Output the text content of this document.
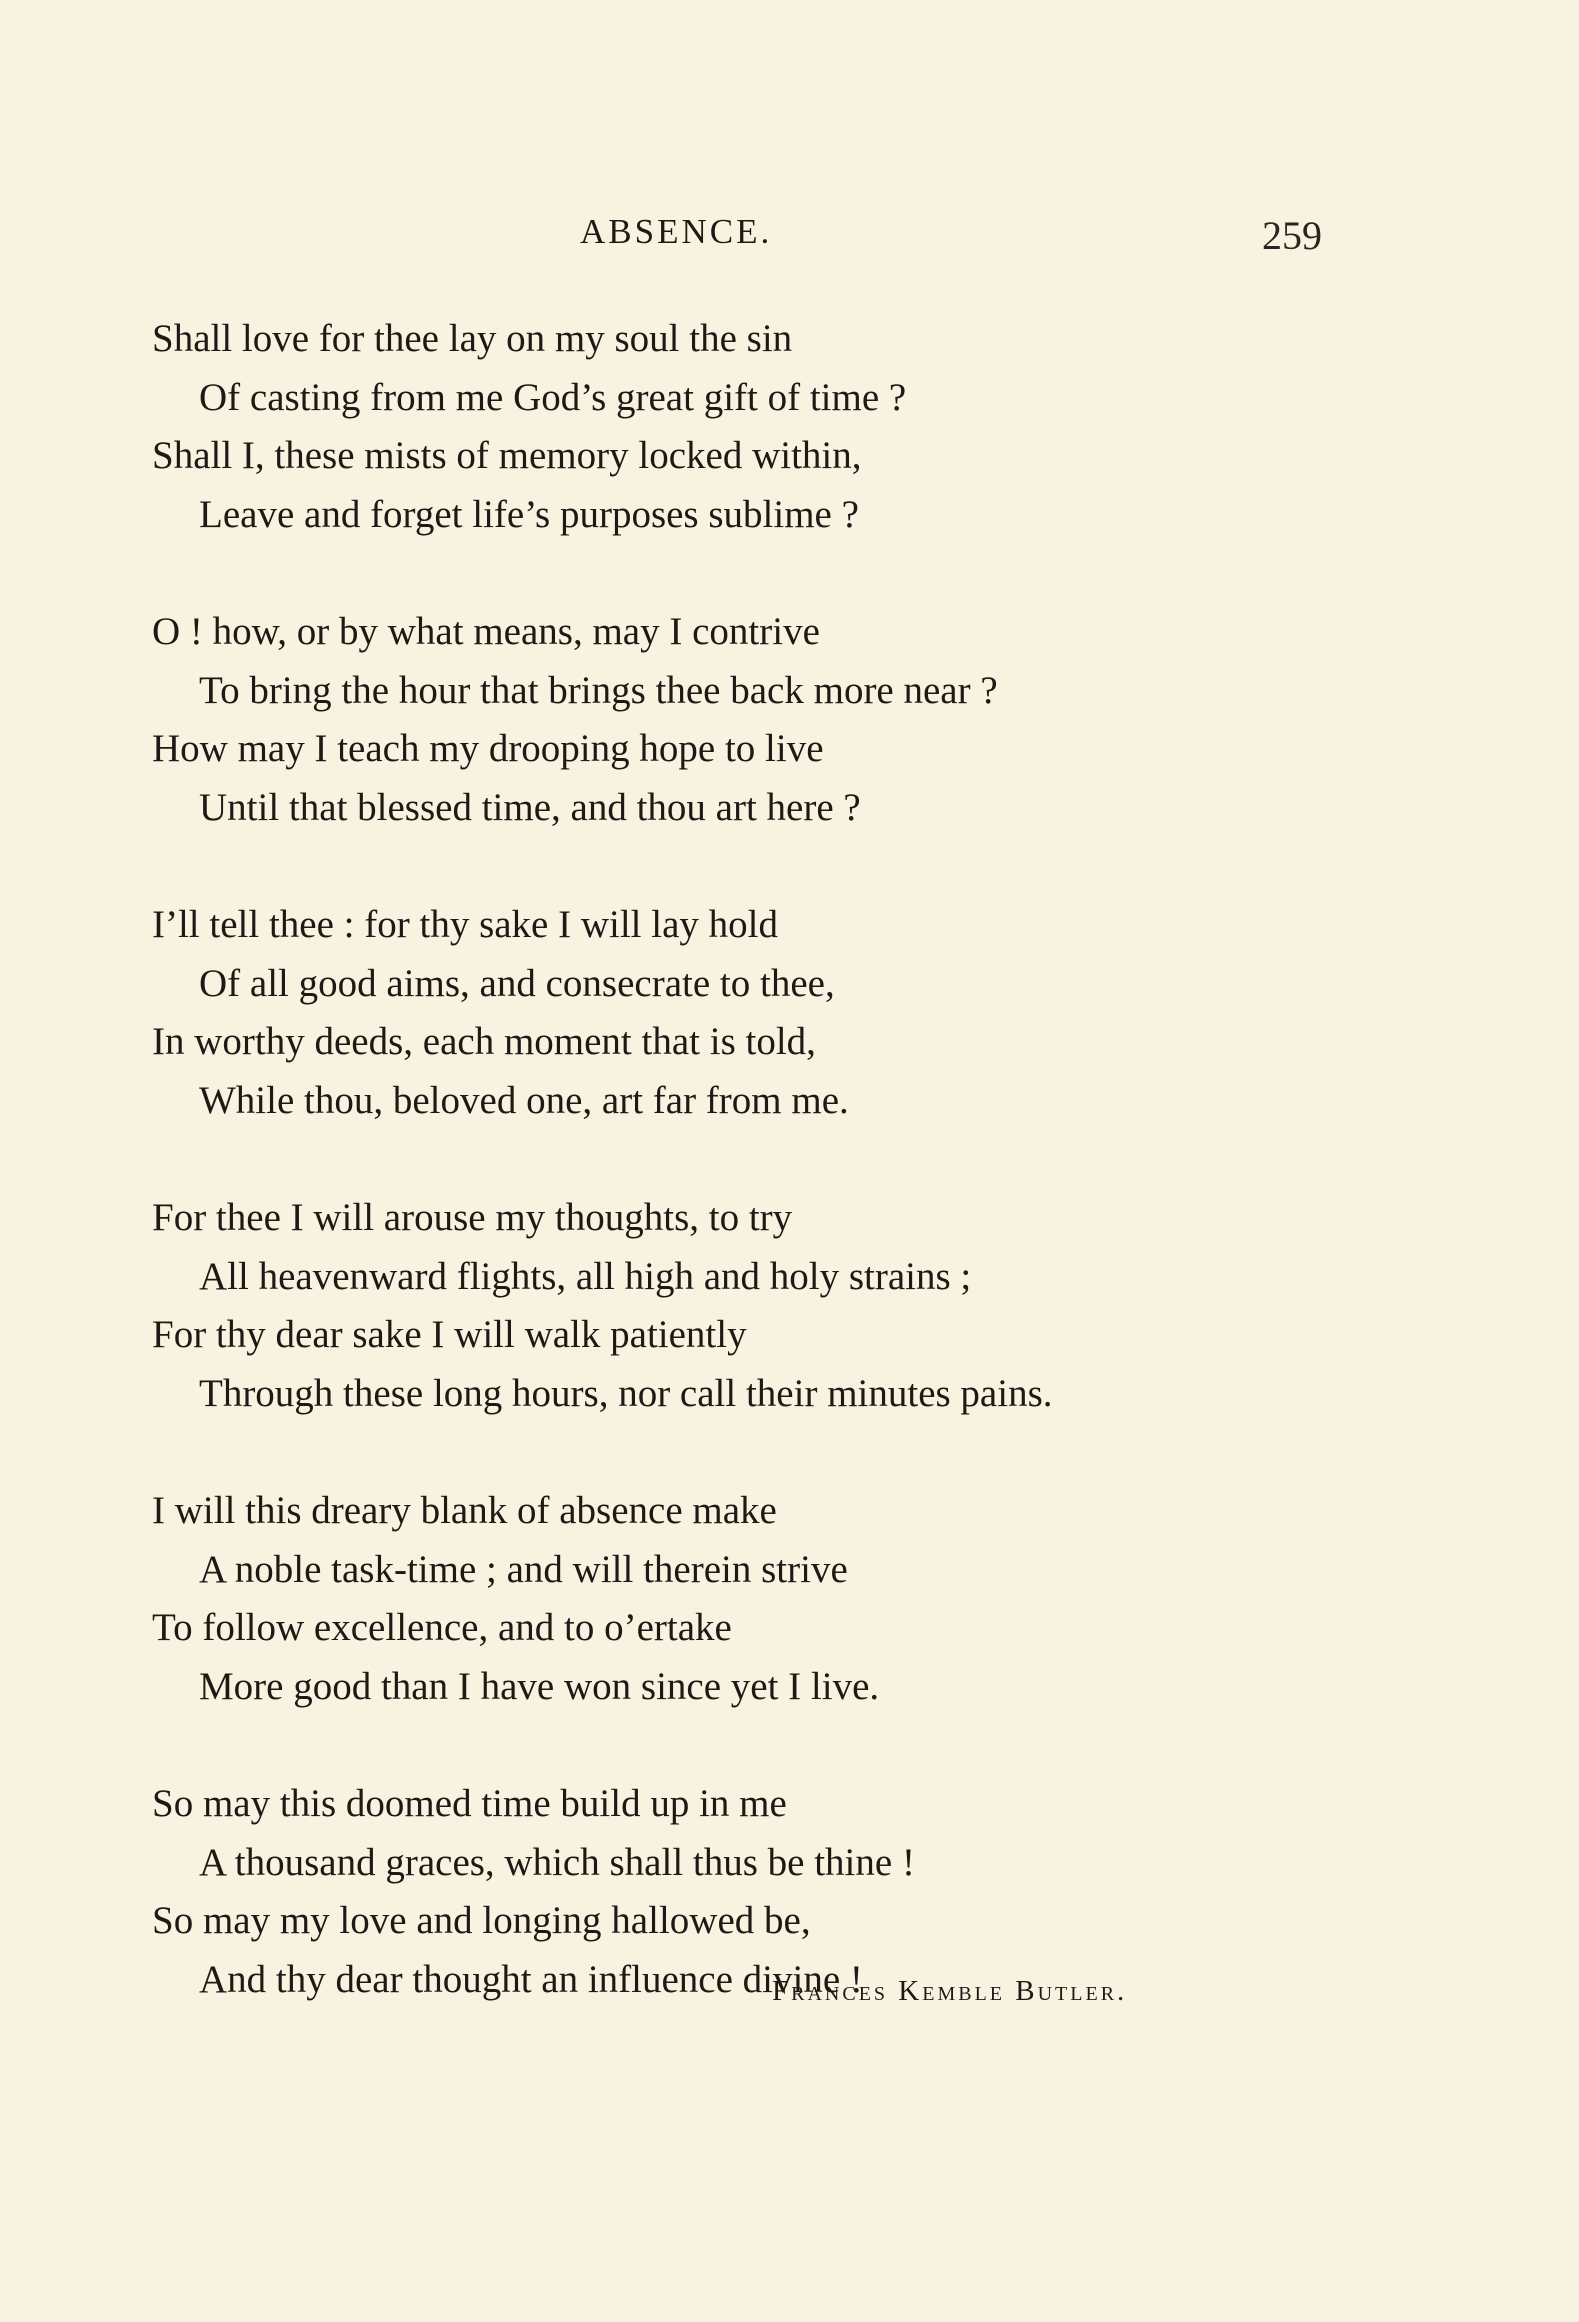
ABSENCE.	259
Shall love for thee lay on my soul the sin
Of casting from me God’s great gift of time ?
Shall I, these mists of memory locked within,
Leave and forget life’s purposes sublime ?
O ! how, or by what means, may I contrive
To bring the hour that brings thee back more near ?
How may I teach my drooping hope to live
Until that blessed time, and thou art here ?
I’ll tell thee : for thy sake I will lay hold
Of all good aims, and consecrate to thee,
In worthy deeds, each moment that is told,
While thou, beloved one, art far from me.
For thee I will arouse my thoughts, to try
All heavenward flights, all high and holy strains ;
For thy dear sake I will walk patiently
Through these long hours, nor call their minutes pains.
I will this dreary blank of absence make
A noble task-time ; and will therein strive
To follow excellence, and to o’ertake
More good than I have won since yet I live.
So may this doomed time build up in me
A thousand graces, which shall thus be thine !
So may my love and longing hallowed be,
And thy dear thought an influence divine !
Frances Kemble Butler.
